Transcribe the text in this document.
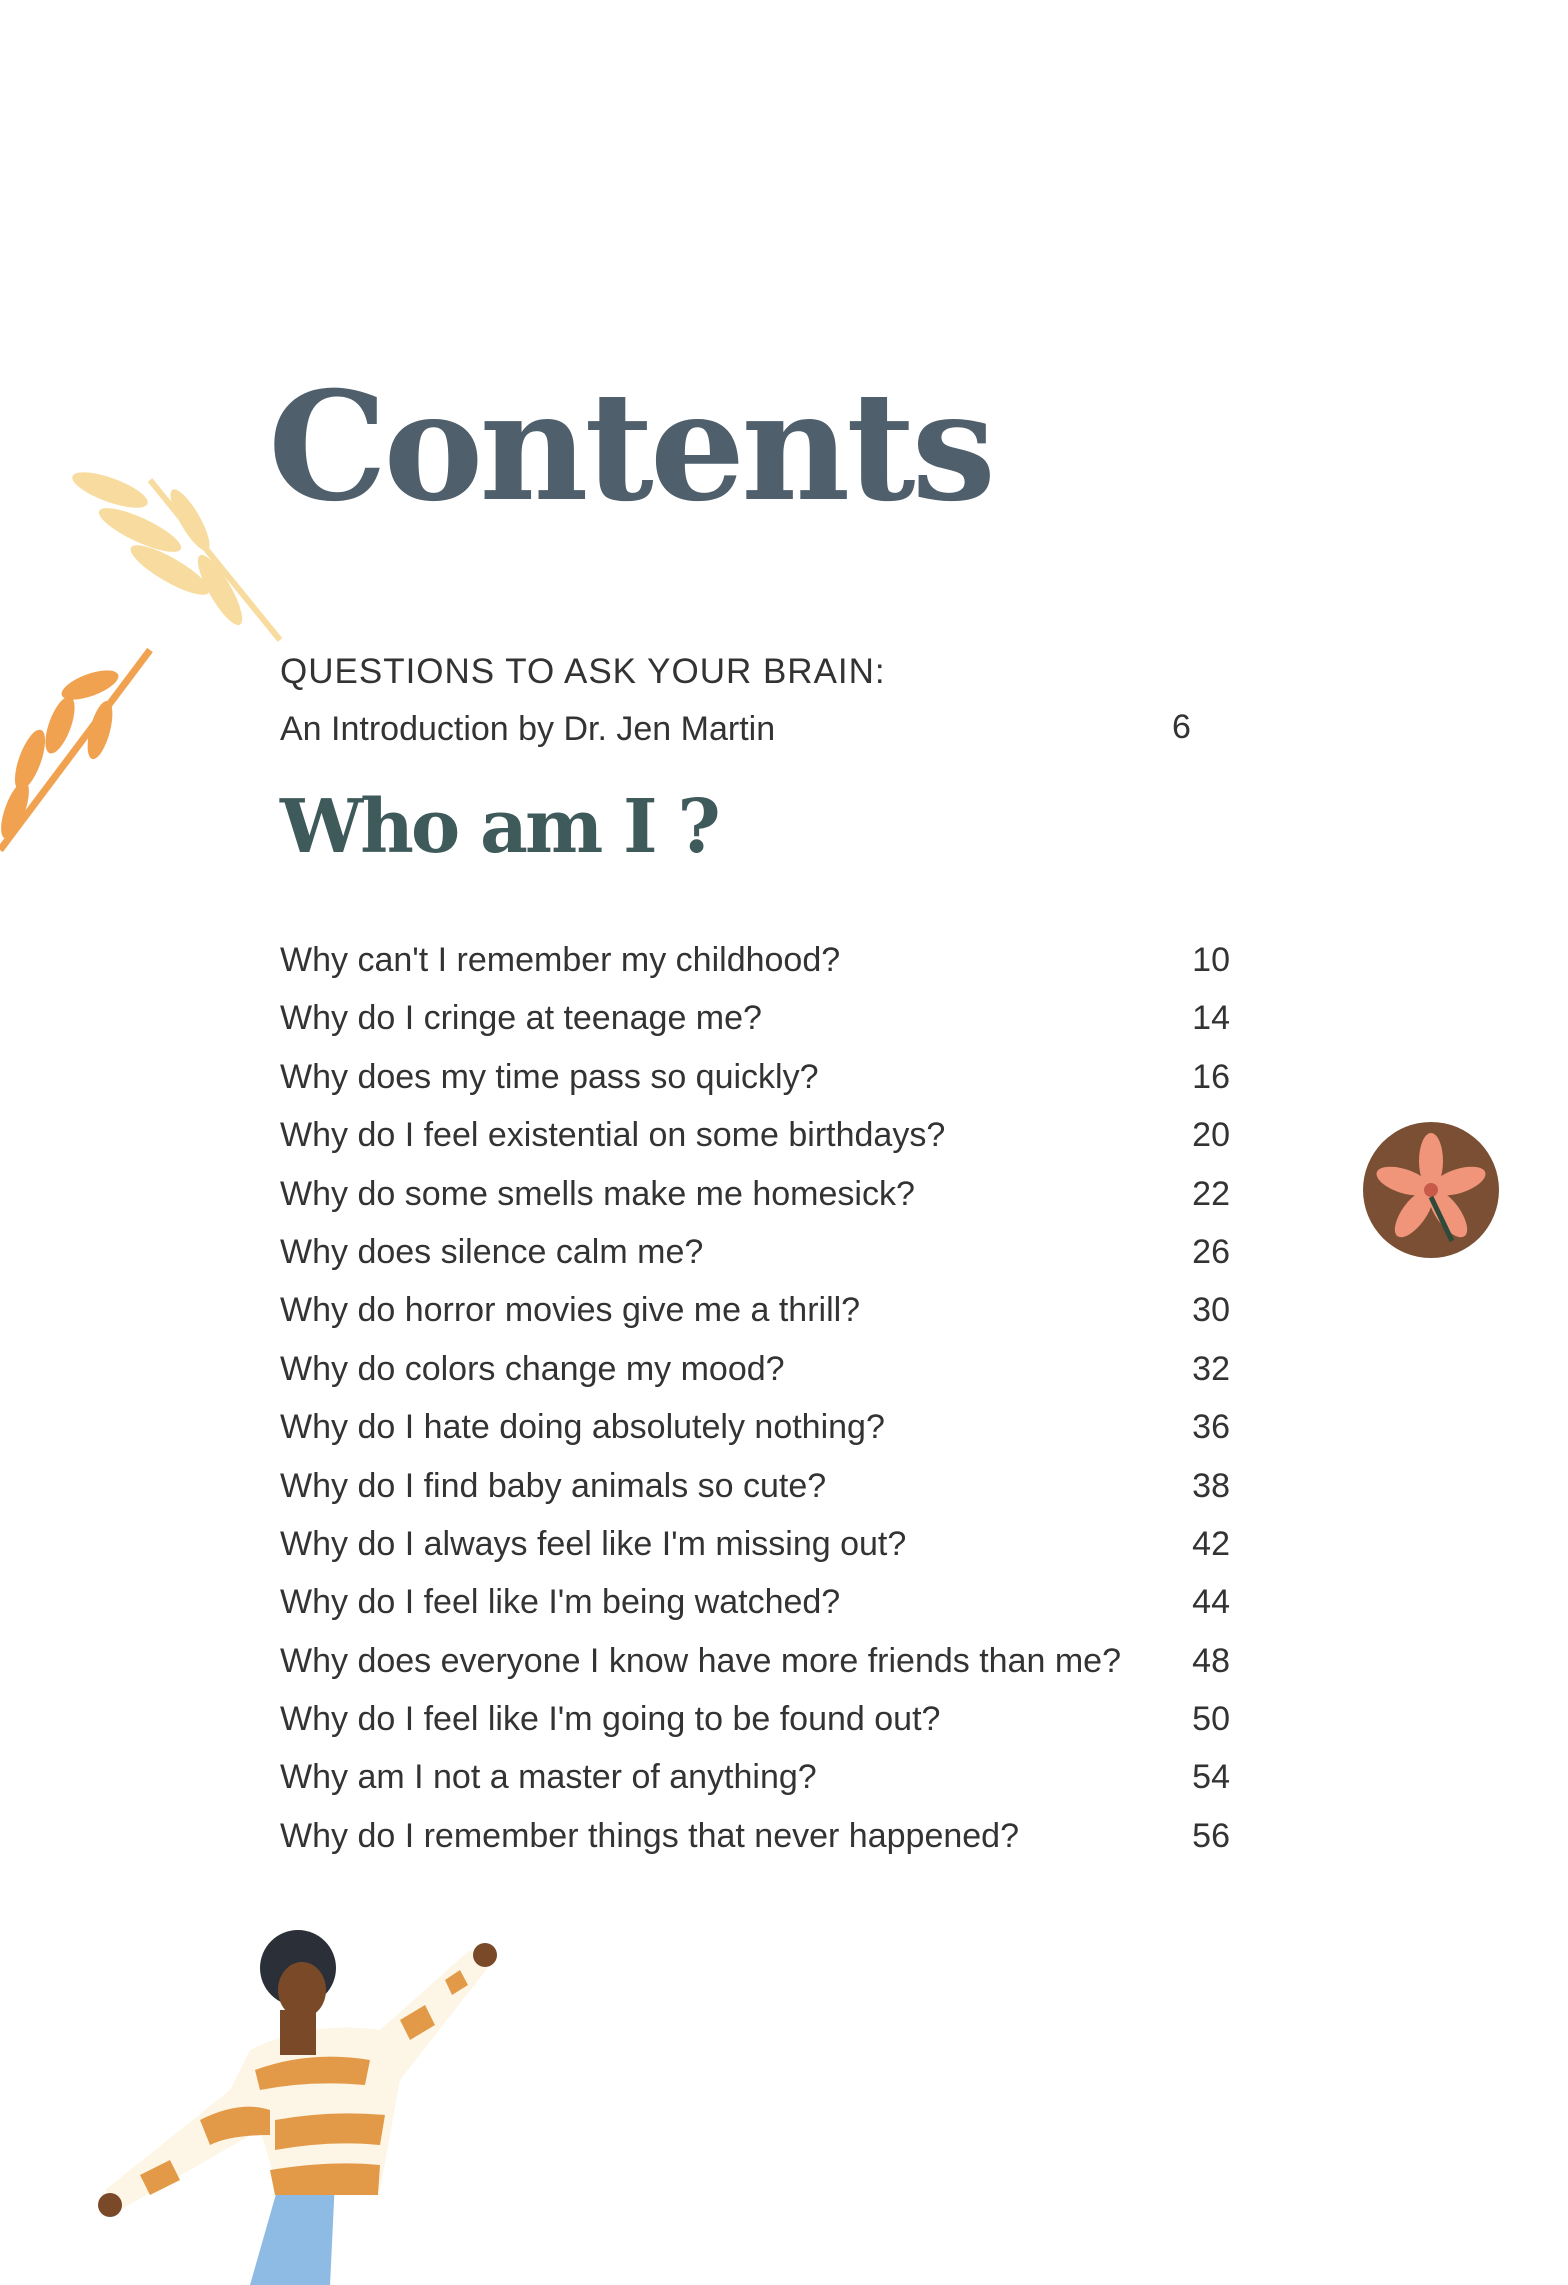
Contents
QUESTIONS TO ASK YOUR BRAIN:
An Introduction by Dr. Jen Martin	6
Who am I ?
Why can't I remember my childhood?	10
Why do I cringe at teenage me?	14
Why does my time pass so quickly?	16
Why do I feel existential on some birthdays?	20
Why do some smells make me homesick?	22
Why does silence calm me?	26
Why do horror movies give me a thrill?	30
Why do colors change my mood?	32
Why do I hate doing absolutely nothing?	36
Why do I find baby animals so cute?	38
Why do I always feel like I'm missing out?	42
Why do I feel like I'm being watched?	44
Why does everyone I know have more friends than me?	48
Why do I feel like I'm going to be found out?	50
Why am I not a master of anything?	54
Why do I remember things that never happened?	56
